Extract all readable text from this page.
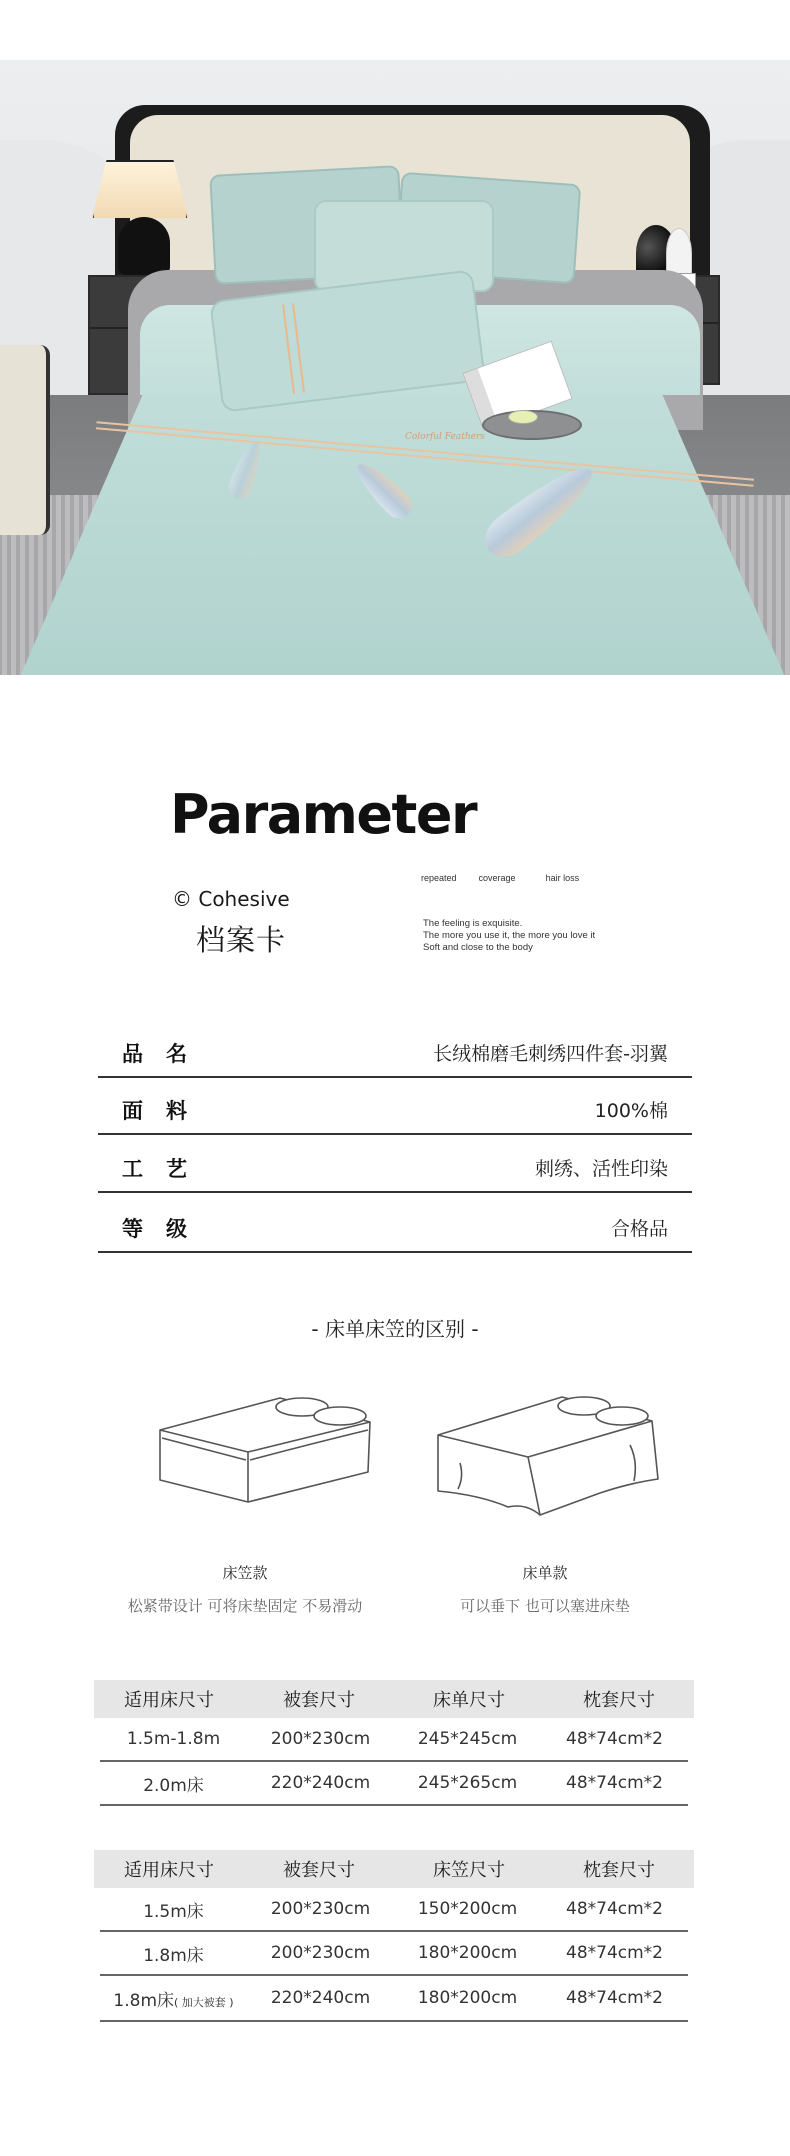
Colorful Feathers
Parameter
© Cohesive
档案卡
repeated coverage	hair loss
The feeling is exquisite.
The more you use it, the more you love it
Soft and close to the body
品 名	长绒棉磨毛刺绣四件套-羽翼
面 料	100%棉
工 艺	刺绣、活性印染
等 级	合格品
- 床单床笠的区别 -
床笠款
松紧带设计 可将床垫固定 不易滑动
床单款
可以垂下 也可以塞进床垫
适用床尺寸	被套尺寸	床单尺寸	枕套尺寸
1.5m-1.8m	200*230cm	245*245cm	48*74cm*2
2.0m床	220*240cm	245*265cm	48*74cm*2
适用床尺寸	被套尺寸	床笠尺寸	枕套尺寸
1.5m床	200*230cm	150*200cm	48*74cm*2
1.8m床	200*230cm	180*200cm	48*74cm*2
1.8m床( 加大被套 )	220*240cm	180*200cm	48*74cm*2
